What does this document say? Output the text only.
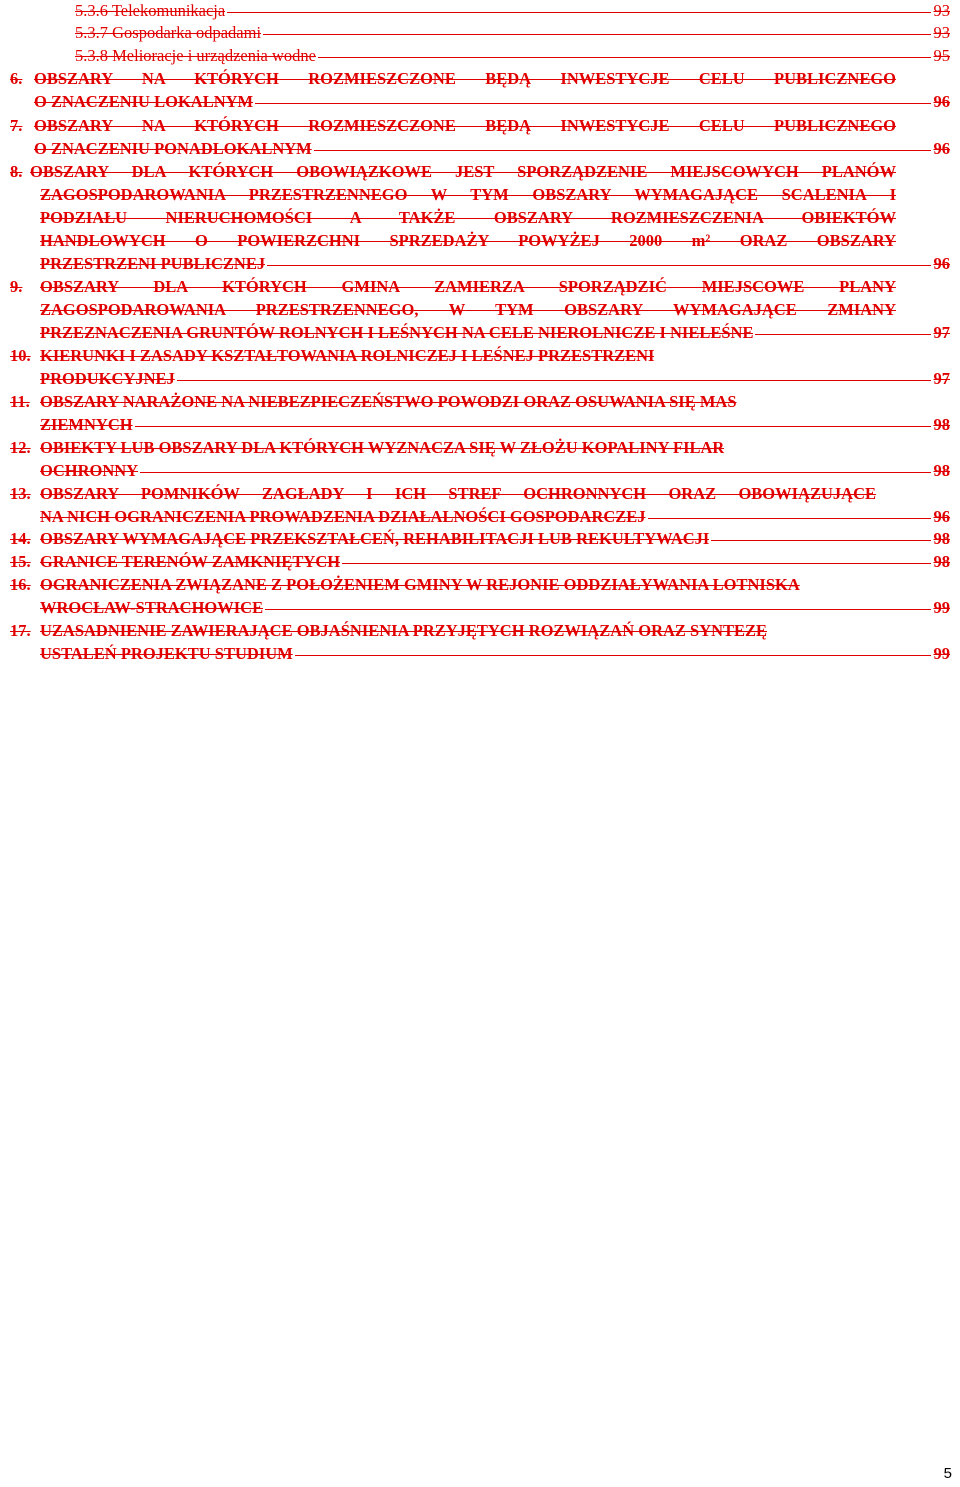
5.3.6 Telekomunikacja	93
5.3.7 Gospodarka odpadami	93
5.3.8 Melioracje i urządzenia wodne	95
6. OBSZARY NA KTÓRYCH ROZMIESZCZONE BĘDĄ INWESTYCJE CELU PUBLICZNEGO
O ZNACZENIU LOKALNYM	96
7. OBSZARY NA KTÓRYCH ROZMIESZCZONE BĘDĄ INWESTYCJE CELU PUBLICZNEGO
O ZNACZENIU PONADLOKALNYM	96
8. OBSZARY DLA KTÓRYCH OBOWIĄZKOWE JEST SPORZĄDZENIE MIEJSCOWYCH PLANÓW
ZAGOSPODAROWANIA PRZESTRZENNEGO W TYM OBSZARY WYMAGAJĄCE SCALENIA I
PODZIAŁU NIERUCHOMOŚCI A TAKŻE OBSZARY ROZMIESZCZENIA OBIEKTÓW
HANDLOWYCH O POWIERZCHNI SPRZEDAŻY POWYŻEJ 2000 m² ORAZ OBSZARY
PRZESTRZENI PUBLICZNEJ	96
9. OBSZARY DLA KTÓRYCH GMINA ZAMIERZA SPORZĄDZIĆ MIEJSCOWE PLANY
ZAGOSPODAROWANIA PRZESTRZENNEGO, W TYM OBSZARY WYMAGAJĄCE ZMIANY
PRZEZNACZENIA GRUNTÓW ROLNYCH I LEŚNYCH NA CELE NIEROLNICZE I NIELEŚNE	97
10. KIERUNKI I ZASADY KSZTAŁTOWANIA ROLNICZEJ I LEŚNEJ PRZESTRZENI
PRODUKCYJNEJ	97
11. OBSZARY NARAŻONE NA NIEBEZPIECZEŃSTWO POWODZI ORAZ OSUWANIA SIĘ MAS
ZIEMNYCH	98
12. OBIEKTY LUB OBSZARY DLA KTÓRYCH WYZNACZA SIĘ W ZŁOŻU KOPALINY FILAR
OCHRONNY	98
13. OBSZARY POMNIKÓW ZAGŁADY I ICH STREF OCHRONNYCH ORAZ OBOWIĄZUJĄCE
NA NICH OGRANICZENIA PROWADZENIA DZIAŁALNOŚCI GOSPODARCZEJ	96
14. OBSZARY WYMAGAJĄCE PRZEKSZTAŁCEŃ, REHABILITACJI LUB REKULTYWACJI	98
15. GRANICE TERENÓW ZAMKNIĘTYCH	98
16. OGRANICZENIA ZWIĄZANE Z POŁOŻENIEM GMINY W REJONIE ODDZIAŁYWANIA LOTNISKA
WROCŁAW-STRACHOWICE	99
17. UZASADNIENIE ZAWIERAJĄCE OBJAŚNIENIA PRZYJĘTYCH ROZWIĄZAŃ ORAZ SYNTEZĘ
USTALEŃ PROJEKTU STUDIUM	99
5
